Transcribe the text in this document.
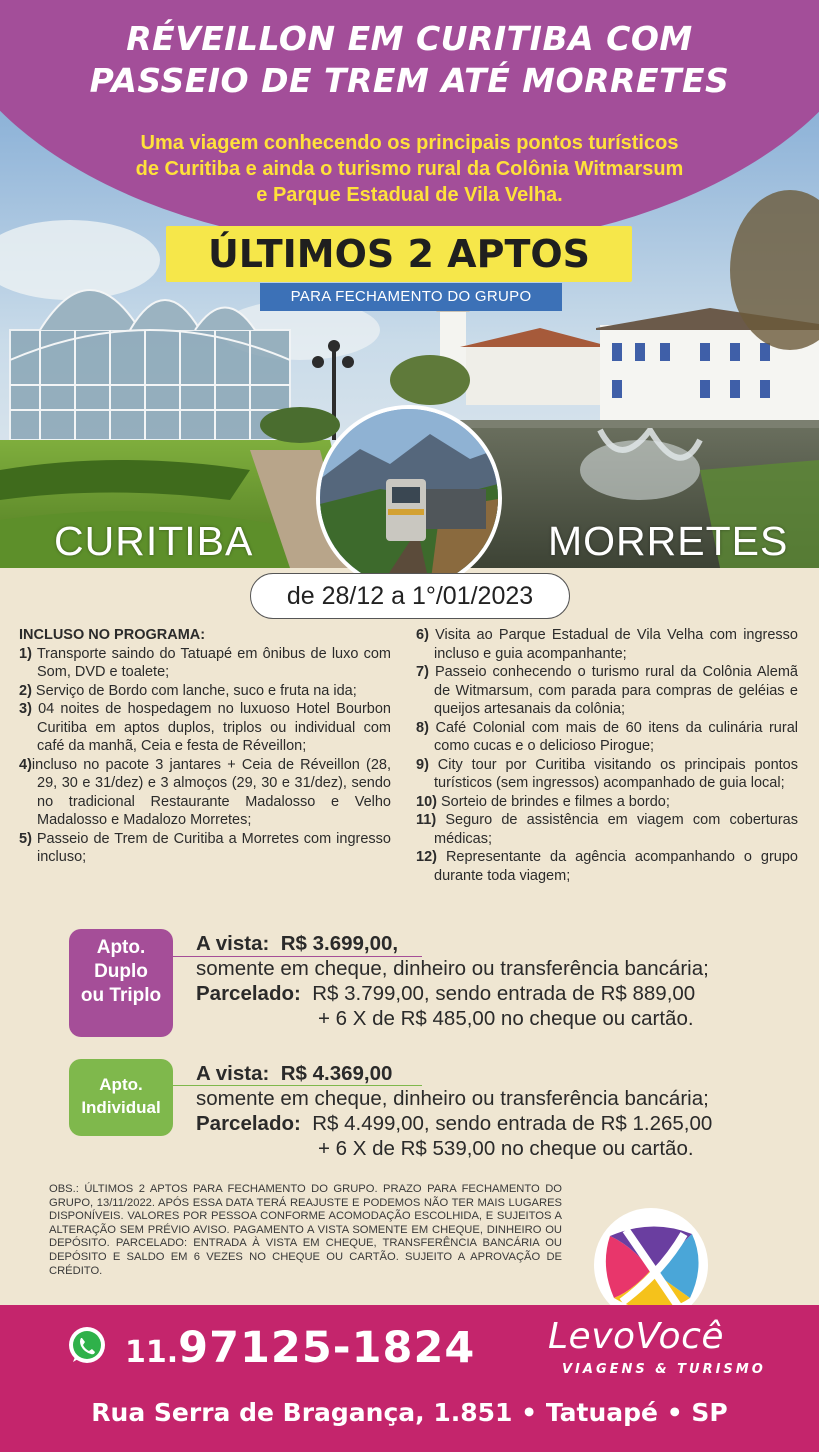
RÉVEILLON EM CURITIBA COM
PASSEIO DE TREM ATÉ MORRETES
Uma viagem conhecendo os principais pontos turísticos
de Curitiba e ainda o turismo rural da Colônia Witmarsum
e Parque Estadual de Vila Velha.
ÚLTIMOS 2 APTOS
PARA FECHAMENTO DO GRUPO
CURITIBA	MORRETES
de 28/12 a 1°/01/2023
INCLUSO NO PROGRAMA:
1) Transporte saindo do Tatuapé em ônibus de luxo com Som, DVD e toalete;
2) Serviço de Bordo com lanche, suco e fruta na ida;
3) 04 noites de hospedagem no luxuoso Hotel Bourbon Curitiba em aptos duplos, triplos ou individual com café da manhã, Ceia e festa de Réveillon;
4)incluso no pacote 3 jantares + Ceia de Réveillon (28, 29, 30 e 31/dez) e 3 almoços (29, 30 e 31/dez), sendo no tradicional Restaurante Madalosso e Velho Madalosso e Madalozo Morretes;
5) Passeio de Trem de Curitiba a Morretes com ingresso incluso;
6) Visita ao Parque Estadual de Vila Velha com ingresso incluso e guia acompanhante;
7) Passeio conhecendo o turismo rural da Colônia Alemã de Witmarsum, com parada para compras de geléias e queijos artesanais da colônia;
8) Café Colonial com mais de 60 itens da culinária rural como cucas e o delicioso Pirogue;
9) City tour por Curitiba visitando os principais pontos turísticos (sem ingressos) acompanhado de guia local;
10) Sorteio de brindes e filmes a bordo;
11) Seguro de assistência em viagem com coberturas médicas;
12) Representante da agência acompanhando o grupo durante toda viagem;
Apto.
Duplo
ou Triplo
A vista: R$ 3.699,00,
somente em cheque, dinheiro ou transferência bancária;
Parcelado: R$ 3.799,00, sendo entrada de R$ 889,00
+ 6 X de R$ 485,00 no cheque ou cartão.
Apto.
Individual
A vista: R$ 4.369,00
somente em cheque, dinheiro ou transferência bancária;
Parcelado: R$ 4.499,00, sendo entrada de R$ 1.265,00
+ 6 X de R$ 539,00 no cheque ou cartão.
OBS.: ÚLTIMOS 2 APTOS PARA FECHAMENTO DO GRUPO. PRAZO PARA FECHAMENTO DO GRUPO, 13/11/2022. APÓS ESSA DATA TERÁ REAJUSTE E PODEMOS NÃO TER MAIS LUGARES DISPONÍVEIS. VALORES POR PESSOA CONFORME ACOMODAÇÃO ESCOLHIDA, E SUJEITOS A ALTERAÇÃO SEM PRÉVIO AVISO. PAGAMENTO A VISTA SOMENTE EM CHEQUE, DINHEIRO OU DEPÓSITO. PARCELADO: ENTRADA À VISTA EM CHEQUE, TRANSFERÊNCIA BANCÁRIA OU DEPÓSITO E SALDO EM 6 VEZES NO CHEQUE OU CARTÃO. SUJEITO A APROVAÇÃO DE CRÉDITO.
11.97125-1824 LevoVocê
VIAGENS & TURISMO
Rua Serra de Bragança, 1.851 • Tatuapé • SP
